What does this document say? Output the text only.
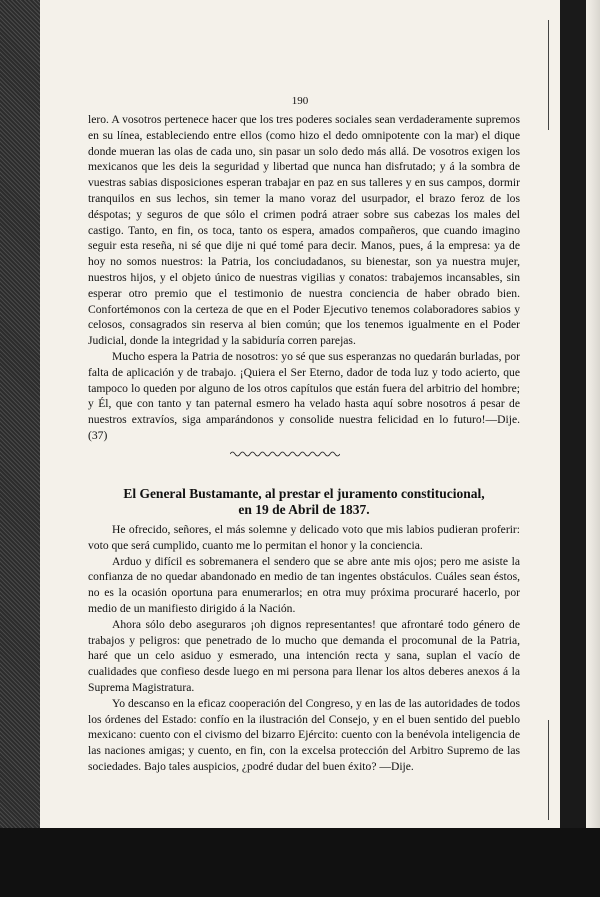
190

lero. A vosotros pertenece hacer que los tres poderes sociales sean verdaderamente supremos en su línea, estableciendo entre ellos (como hizo el dedo omnipotente con la mar) el dique donde mueran las olas de cada uno, sin pasar un solo dedo más allá. De vosotros exigen los mexicanos que les deis la seguridad y libertad que nunca han disfrutado; y á la sombra de vuestras sabias disposiciones esperan trabajar en paz en sus talleres y en sus campos, dormir tranquilos en sus lechos, sin temer la mano voraz del usurpador, el brazo feroz de los déspotas; y seguros de que sólo el crimen podrá atraer sobre sus cabezas los males del castigo. Tanto, en fin, os toca, tanto os espera, amados compañeros, que cuando imagino seguir esta reseña, ni sé que dije ni qué tomé para decir. Manos, pues, á la empresa: ya de hoy no somos nuestros: la Patria, los conciudadanos, su bienestar, son ya nuestra mujer, nuestros hijos, y el objeto único de nuestras vigilias y conatos: trabajemos incansables, sin esperar otro premio que el testimonio de nuestra conciencia de haber obrado bien. Confortémonos con la certeza de que en el Poder Ejecutivo tenemos colaboradores sabios y celosos, consagrados sin reserva al bien común; que los tenemos igualmente en el Poder Judicial, donde la integridad y la sabiduría corren parejas.

Mucho espera la Patria de nosotros: yo sé que sus esperanzas no quedarán burladas, por falta de aplicación y de trabajo. ¡Quiera el Ser Eterno, dador de toda luz y todo acierto, que tampoco lo queden por alguno de los otros capítulos que están fuera del arbitrio del hombre; y Él, que con tanto y tan paternal esmero ha velado hasta aquí sobre nosotros á pesar de nuestros extravíos, siga amparándonos y consolide nuestra felicidad en lo futuro!—Dije. (37)

El General Bustamante, al prestar el juramento constitucional,
en 19 de Abril de 1837.

He ofrecido, señores, el más solemne y delicado voto que mis labios pudieran proferir: voto que será cumplido, cuanto me lo permitan el honor y la conciencia.

Arduo y difícil es sobremanera el sendero que se abre ante mis ojos; pero me asiste la confianza de no quedar abandonado en medio de tan ingentes obstáculos. Cuáles sean éstos, no es la ocasión oportuna para enumerarlos; en otra muy próxima procuraré hacerlo, por medio de un manifiesto dirigido á la Nación.

Ahora sólo debo aseguraros ¡oh dignos representantes! que afrontaré todo género de trabajos y peligros: que penetrado de lo mucho que demanda el procomunal de la Patria, haré que un celo asiduo y esmerado, una intención recta y sana, suplan el vacío de cualidades que confieso desde luego en mi persona para llenar los altos deberes anexos á la Suprema Magistratura.

Yo descanso en la eficaz cooperación del Congreso, y en las de las autoridades de todos los órdenes del Estado: confío en la ilustración del Consejo, y en el buen sentido del pueblo mexicano: cuento con el civismo del bizarro Ejército: cuento con la benévola inteligencia de las naciones amigas; y cuento, en fin, con la excelsa protección del Arbitro Supremo de las sociedades. Bajo tales auspicios, ¿podré dudar del buen éxito? —Dije.
